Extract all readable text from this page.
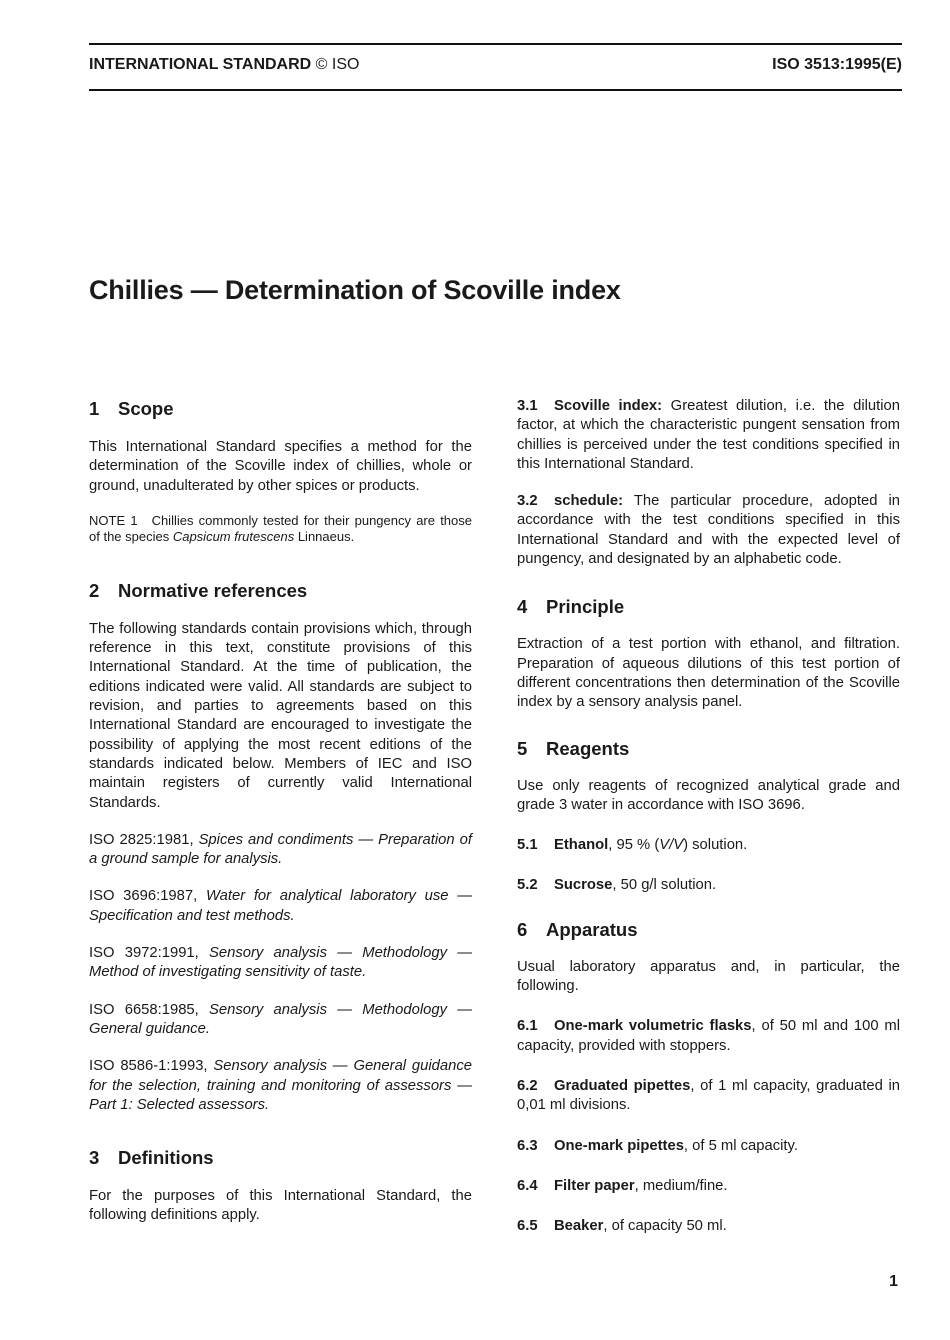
INTERNATIONAL STANDARD © ISO	ISO 3513:1995(E)
Chillies — Determination of Scoville index
1 Scope

This International Standard specifies a method for the determination of the Scoville index of chillies, whole or ground, unadulterated by other spices or products.

NOTE 1 Chillies commonly tested for their pungency are those of the species Capsicum frutescens Linnaeus.

2 Normative references

The following standards contain provisions which, through reference in this text, constitute provisions of this International Standard. At the time of publication, the editions indicated were valid. All standards are subject to revision, and parties to agreements based on this International Standard are encouraged to investigate the possibility of applying the most recent editions of the standards indicated below. Members of IEC and ISO maintain registers of currently valid International Standards.

ISO 2825:1981, Spices and condiments — Preparation of a ground sample for analysis.

ISO 3696:1987, Water for analytical laboratory use — Specification and test methods.

ISO 3972:1991, Sensory analysis — Methodology — Method of investigating sensitivity of taste.

ISO 6658:1985, Sensory analysis — Methodology — General guidance.

ISO 8586-1:1993, Sensory analysis — General guidance for the selection, training and monitoring of assessors — Part 1: Selected assessors.

3 Definitions

For the purposes of this International Standard, the following definitions apply.

3.1 Scoville index: Greatest dilution, i.e. the dilution factor, at which the characteristic pungent sensation from chillies is perceived under the test conditions specified in this International Standard.

3.2 schedule: The particular procedure, adopted in accordance with the test conditions specified in this International Standard and with the expected level of pungency, and designated by an alphabetic code.

4 Principle

Extraction of a test portion with ethanol, and filtration. Preparation of aqueous dilutions of this test portion of different concentrations then determination of the Scoville index by a sensory analysis panel.

5 Reagents

Use only reagents of recognized analytical grade and grade 3 water in accordance with ISO 3696.

5.1 Ethanol, 95 % (V/V) solution.

5.2 Sucrose, 50 g/l solution.

6 Apparatus

Usual laboratory apparatus and, in particular, the following.

6.1 One-mark volumetric flasks, of 50 ml and 100 ml capacity, provided with stoppers.

6.2 Graduated pipettes, of 1 ml capacity, graduated in 0,01 ml divisions.

6.3 One-mark pipettes, of 5 ml capacity.

6.4 Filter paper, medium/fine.

6.5 Beaker, of capacity 50 ml.

1
